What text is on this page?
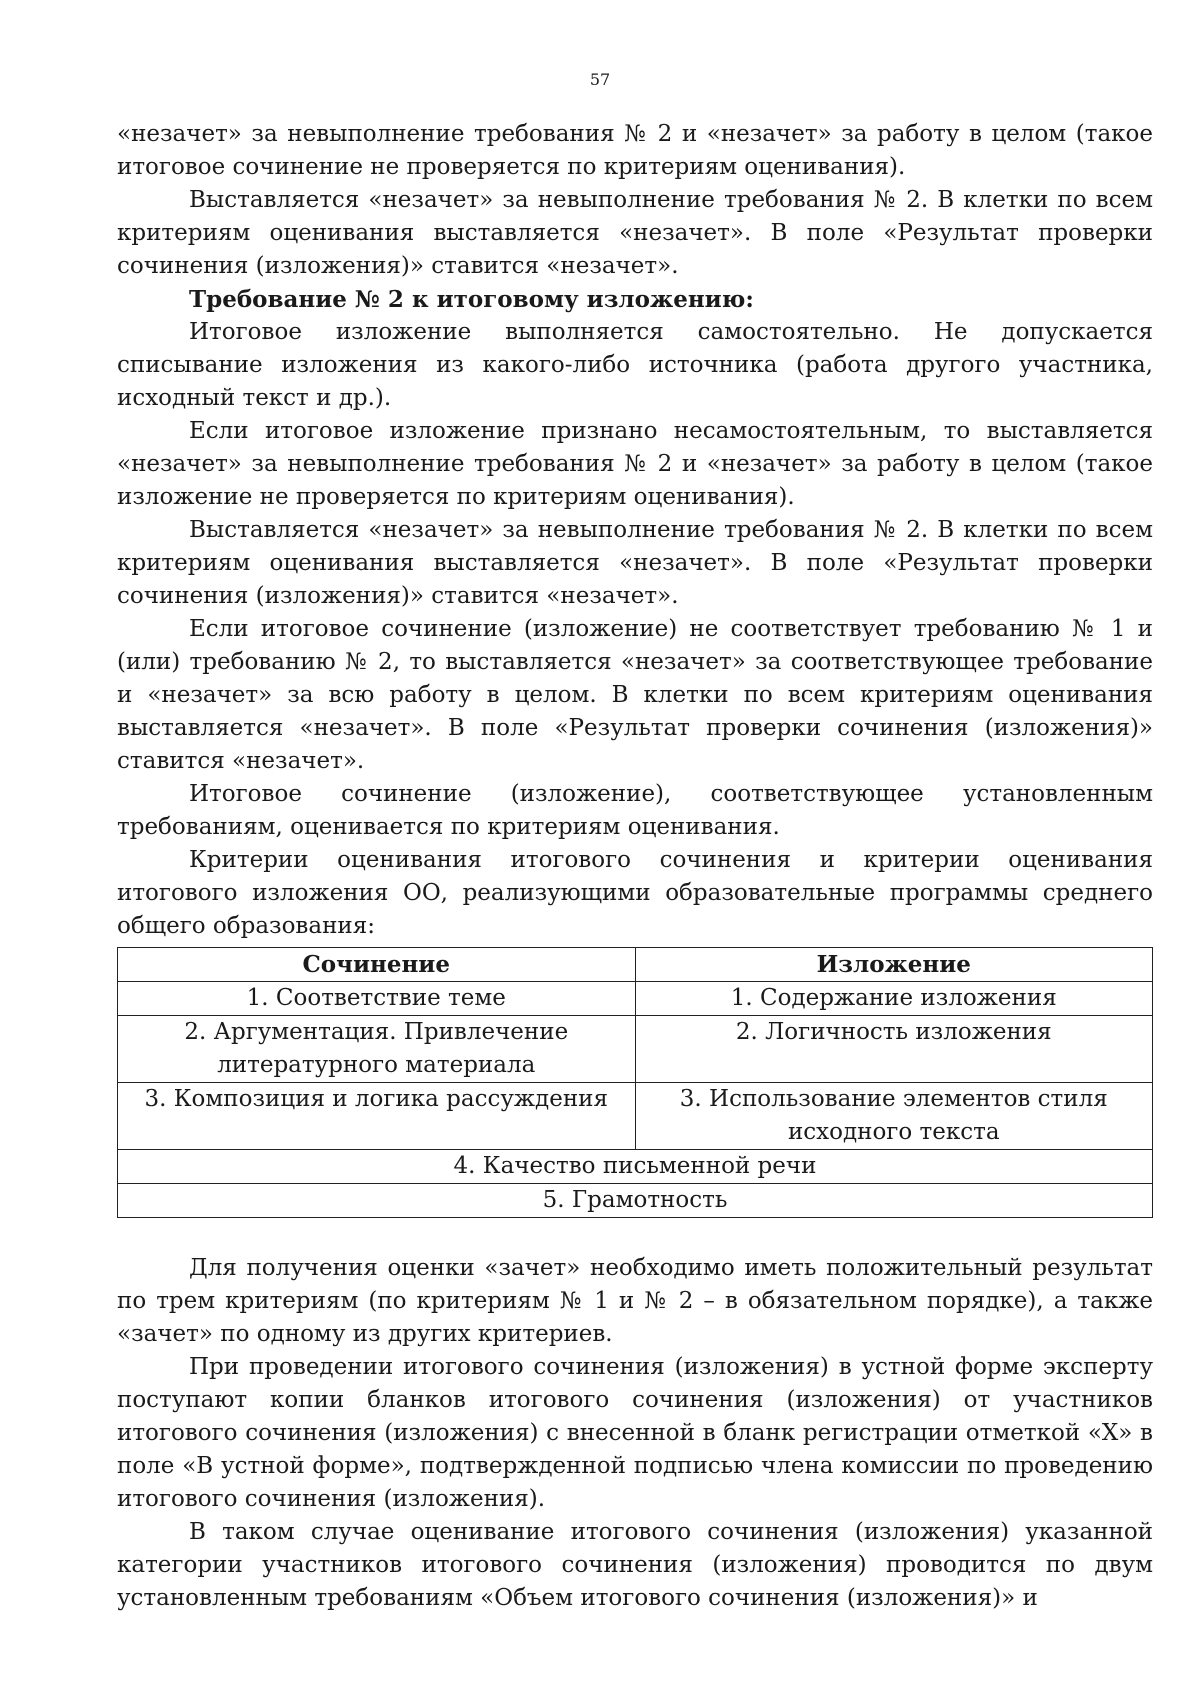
57

«незачет» за невыполнение требования № 2 и «незачет» за работу в целом (такое итоговое сочинение не проверяется по критериям оценивания).

Выставляется «незачет» за невыполнение требования № 2. В клетки по всем критериям оценивания выставляется «незачет». В поле «Результат проверки сочинения (изложения)» ставится «незачет».

Требование № 2 к итоговому изложению:

Итоговое изложение выполняется самостоятельно. Не допускается списывание изложения из какого-либо источника (работа другого участника, исходный текст и др.).

Если итоговое изложение признано несамостоятельным, то выставляется «незачет» за невыполнение требования № 2 и «незачет» за работу в целом (такое изложение не проверяется по критериям оценивания).

Выставляется «незачет» за невыполнение требования № 2. В клетки по всем критериям оценивания выставляется «незачет». В поле «Результат проверки сочинения (изложения)» ставится «незачет».

Если итоговое сочинение (изложение) не соответствует требованию № 1 и (или) требованию № 2, то выставляется «незачет» за соответствующее требование и «незачет» за всю работу в целом. В клетки по всем критериям оценивания выставляется «незачет». В поле «Результат проверки сочинения (изложения)» ставится «незачет».

Итоговое сочинение (изложение), соответствующее установленным требованиям, оценивается по критериям оценивания.

Критерии оценивания итогового сочинения и критерии оценивания итогового изложения ОО, реализующими образовательные программы среднего общего образования:

Сочинение	Изложение
1. Соответствие теме	1. Содержание изложения
2. Аргументация. Привлечение литературного материала	2. Логичность изложения
3. Композиция и логика рассуждения	3. Использование элементов стиля исходного текста
4. Качество письменной речи	
5. Грамотность	

Для получения оценки «зачет» необходимо иметь положительный результат по трем критериям (по критериям № 1 и № 2 – в обязательном порядке), а также «зачет» по одному из других критериев.

При проведении итогового сочинения (изложения) в устной форме эксперту поступают копии бланков итогового сочинения (изложения) от участников итогового сочинения (изложения) с внесенной в бланк регистрации отметкой «X» в поле «В устной форме», подтвержденной подписью члена комиссии по проведению итогового сочинения (изложения).

В таком случае оценивание итогового сочинения (изложения) указанной категории участников итогового сочинения (изложения) проводится по двум установленным требованиям «Объем итогового сочинения (изложения)» и
